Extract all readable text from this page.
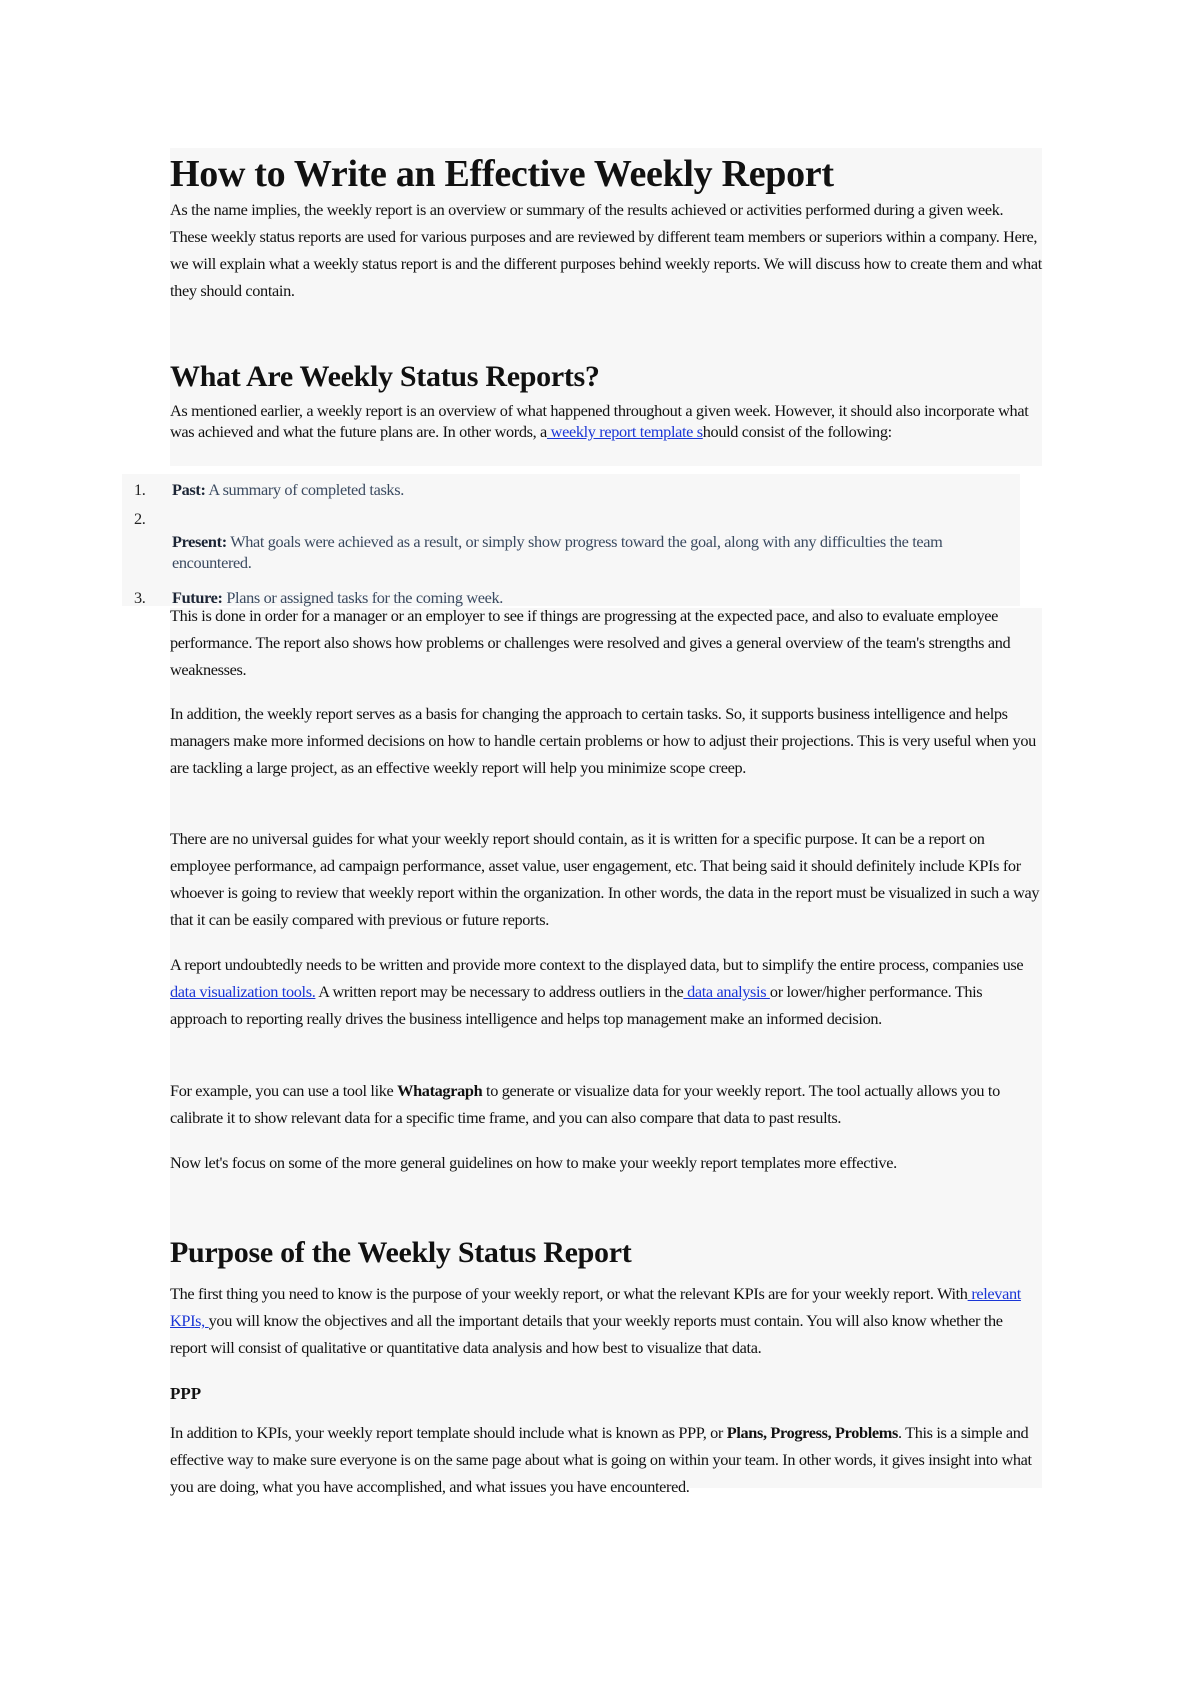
How to Write an Effective Weekly Report

As the name implies, the weekly report is an overview or summary of the results achieved or activities performed during a given week. These weekly status reports are used for various purposes and are reviewed by different team members or superiors within a company. Here, we will explain what a weekly status report is and the different purposes behind weekly reports. We will discuss how to create them and what they should contain.

What Are Weekly Status Reports?

As mentioned earlier, a weekly report is an overview of what happened throughout a given week. However, it should also incorporate what was achieved and what the future plans are. In other words, a weekly report template should consist of the following:

1. Past: A summary of completed tasks.
2.

Present: What goals were achieved as a result, or simply show progress toward the goal, along with any difficulties the team encountered.
3. Future: Plans or assigned tasks for the coming week.

This is done in order for a manager or an employer to see if things are progressing at the expected pace, and also to evaluate employee performance. The report also shows how problems or challenges were resolved and gives a general overview of the team's strengths and weaknesses.

In addition, the weekly report serves as a basis for changing the approach to certain tasks. So, it supports business intelligence and helps managers make more informed decisions on how to handle certain problems or how to adjust their projections. This is very useful when you are tackling a large project, as an effective weekly report will help you minimize scope creep.

There are no universal guides for what your weekly report should contain, as it is written for a specific purpose. It can be a report on employee performance, ad campaign performance, asset value, user engagement, etc. That being said it should definitely include KPIs for whoever is going to review that weekly report within the organization. In other words, the data in the report must be visualized in such a way that it can be easily compared with previous or future reports.

A report undoubtedly needs to be written and provide more context to the displayed data, but to simplify the entire process, companies use data visualization tools. A written report may be necessary to address outliers in the data analysis or lower/higher performance. This approach to reporting really drives the business intelligence and helps top management make an informed decision.

For example, you can use a tool like Whatagraph to generate or visualize data for your weekly report. The tool actually allows you to calibrate it to show relevant data for a specific time frame, and you can also compare that data to past results.

Now let's focus on some of the more general guidelines on how to make your weekly report templates more effective.

Purpose of the Weekly Status Report

The first thing you need to know is the purpose of your weekly report, or what the relevant KPIs are for your weekly report. With relevant KPIs, you will know the objectives and all the important details that your weekly reports must contain. You will also know whether the report will consist of qualitative or quantitative data analysis and how best to visualize that data.

PPP

In addition to KPIs, your weekly report template should include what is known as PPP, or Plans, Progress, Problems. This is a simple and effective way to make sure everyone is on the same page about what is going on within your team. In other words, it gives insight into what you are doing, what you have accomplished, and what issues you have encountered.
